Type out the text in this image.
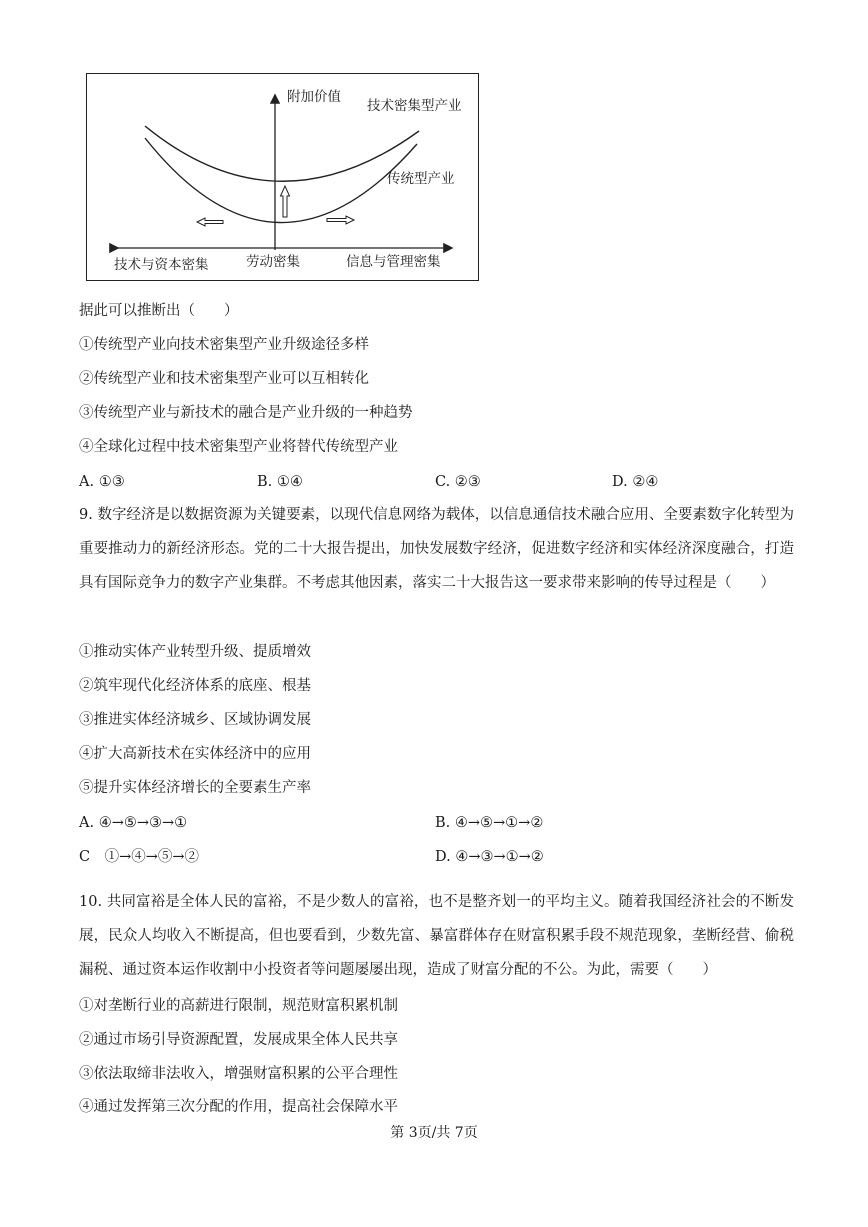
附加价值
技术密集型产业
传统型产业
技术与资本密集	劳动密集	信息与管理密集
据此可以推断出（　　）
①传统型产业向技术密集型产业升级途径多样
②传统型产业和技术密集型产业可以互相转化
③传统型产业与新技术的融合是产业升级的一种趋势
④全球化过程中技术密集型产业将替代传统型产业
A. ①③	B. ①④	C. ②③	D. ②④
9. 数字经济是以数据资源为关键要素，以现代信息网络为载体，以信息通信技术融合应用、全要素数字化转型为重要推动力的新经济形态。党的二十大报告提出，加快发展数字经济，促进数字经济和实体经济深度融合，打造具有国际竞争力的数字产业集群。不考虑其他因素，落实二十大报告这一要求带来影响的传导过程是（　　）
①推动实体产业转型升级、提质增效
②筑牢现代化经济体系的底座、根基
③推进实体经济城乡、区域协调发展
④扩大高新技术在实体经济中的应用
⑤提升实体经济增长的全要素生产率
A. ④→⑤→③→①	B. ④→⑤→①→②
C　①→④→⑤→②	D. ④→③→①→②
10. 共同富裕是全体人民的富裕，不是少数人的富裕，也不是整齐划一的平均主义。随着我国经济社会的不断发展，民众人均收入不断提高，但也要看到，少数先富、暴富群体存在财富积累手段不规范现象，垄断经营、偷税漏税、通过资本运作收割中小投资者等问题屡屡出现，造成了财富分配的不公。为此，需要（　　）
①对垄断行业的高薪进行限制，规范财富积累机制
②通过市场引导资源配置，发展成果全体人民共享
③依法取缔非法收入，增强财富积累的公平合理性
④通过发挥第三次分配的作用，提高社会保障水平
第 3页/共 7页
